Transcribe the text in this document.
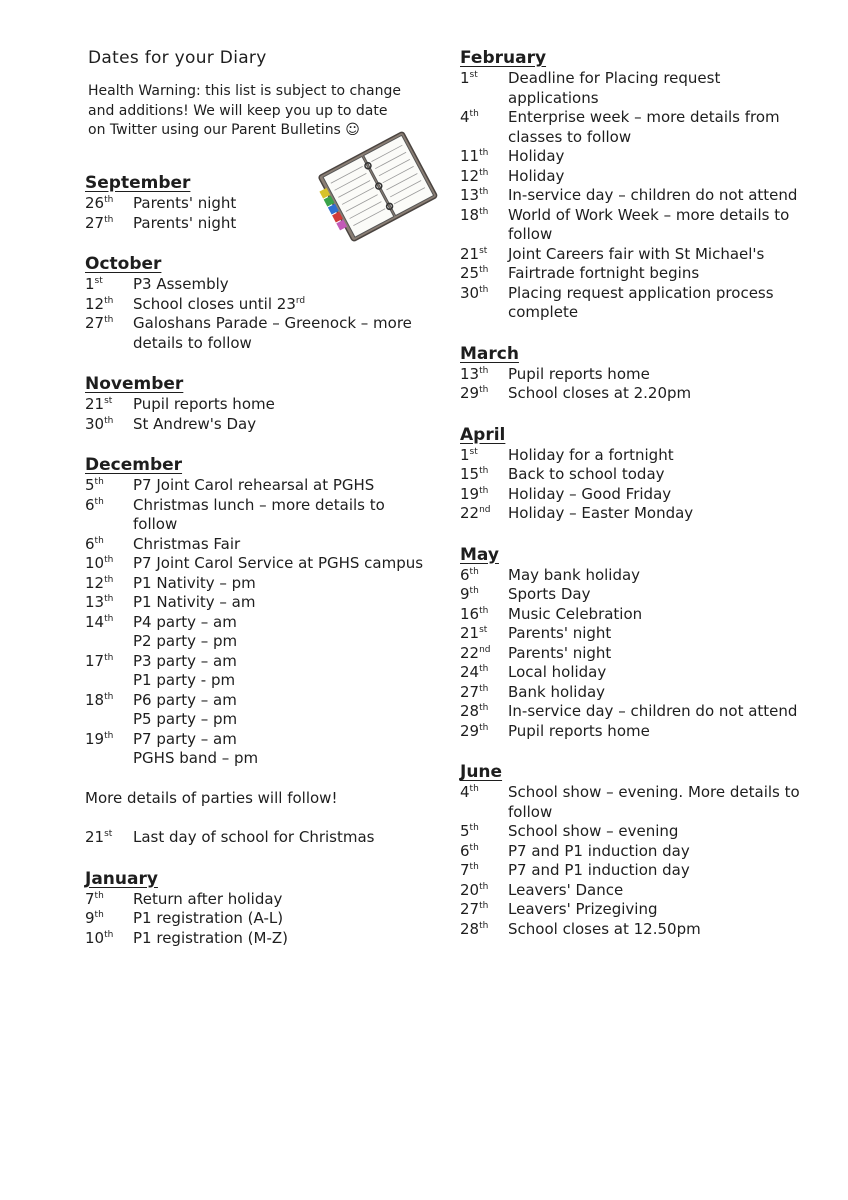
Dates for your Diary
Health Warning: this list is subject to change and additions! We will keep you up to date on Twitter using our Parent Bulletins ☺
September
26th	Parents' night
27th	Parents' night
October
1st	P3 Assembly
12th	School closes until 23rd
27th	Galoshans Parade – Greenock – more details to follow
November
21st	Pupil reports home
30th	St Andrew's Day
December
5th	P7 Joint Carol rehearsal at PGHS
6th	Christmas lunch – more details to follow
6th	Christmas Fair
10th	P7 Joint Carol Service at PGHS campus
12th	P1 Nativity – pm
13th	P1 Nativity – am
14th	P4 party – am
P2 party – pm
17th	P3 party – am
P1 party - pm
18th	P6 party – am
P5 party – pm
19th	P7 party – am
PGHS band – pm
More details of parties will follow!
21st	Last day of school for Christmas
January
7th	Return after holiday
9th	P1 registration (A-L)
10th	P1 registration (M-Z)
February
1st	Deadline for Placing request applications
4th	Enterprise week – more details from classes to follow
11th	Holiday
12th	Holiday
13th	In-service day – children do not attend
18th	World of Work Week – more details to follow
21st	Joint Careers fair with St Michael's
25th	Fairtrade fortnight begins
30th	Placing request application process complete
March
13th	Pupil reports home
29th	School closes at 2.20pm
April
1st	Holiday for a fortnight
15th	Back to school today
19th	Holiday – Good Friday
22nd	Holiday – Easter Monday
May
6th	May bank holiday
9th	Sports Day
16th	Music Celebration
21st	Parents' night
22nd	Parents' night
24th	Local holiday
27th	Bank holiday
28th	In-service day – children do not attend
29th	Pupil reports home
June
4th	School show – evening. More details to follow
5th	School show – evening
6th	P7 and P1 induction day
7th	P7 and P1 induction day
20th	Leavers' Dance
27th	Leavers' Prizegiving
28th	School closes at 12.50pm
